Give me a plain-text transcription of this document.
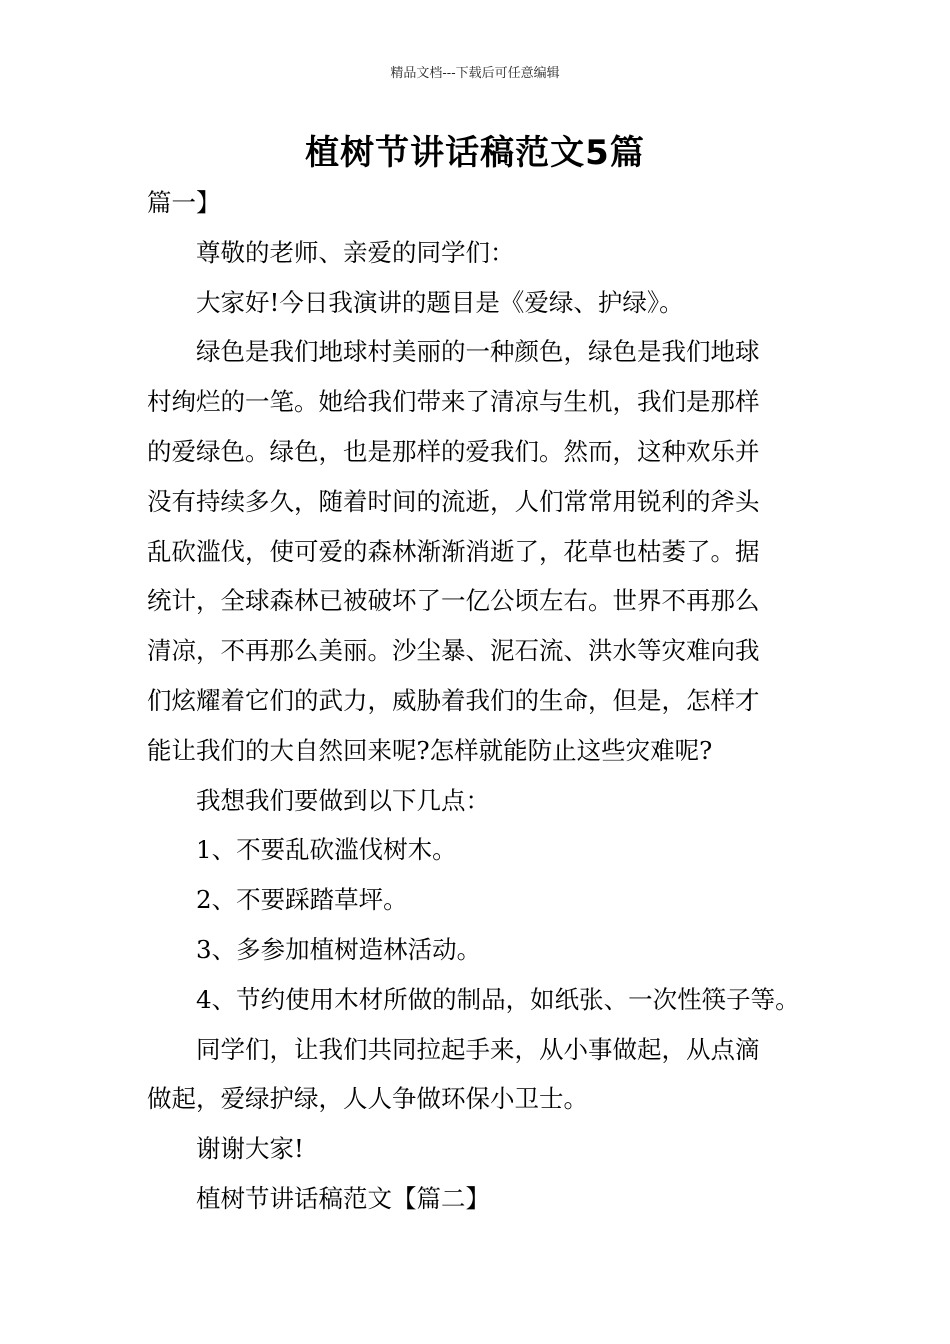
精品文档---下载后可任意编辑
植树节讲话稿范文5篇
篇一】
尊敬的老师、亲爱的同学们：
大家好!今日我演讲的题目是《爱绿、护绿》。
绿色是我们地球村美丽的一种颜色，绿色是我们地球
村绚烂的一笔。她给我们带来了清凉与生机，我们是那样
的爱绿色。绿色，也是那样的爱我们。然而，这种欢乐并
没有持续多久，随着时间的流逝，人们常常用锐利的斧头
乱砍滥伐，使可爱的森林渐渐消逝了，花草也枯萎了。据
统计，全球森林已被破坏了一亿公顷左右。世界不再那么
清凉，不再那么美丽。沙尘暴、泥石流、洪水等灾难向我
们炫耀着它们的武力，威胁着我们的生命，但是，怎样才
能让我们的大自然回来呢?怎样就能防止这些灾难呢?
我想我们要做到以下几点：
1、不要乱砍滥伐树木。
2、不要踩踏草坪。
3、多参加植树造林活动。
4、节约使用木材所做的制品，如纸张、一次性筷子等。
同学们，让我们共同拉起手来，从小事做起，从点滴
做起，爱绿护绿，人人争做环保小卫士。
谢谢大家!
植树节讲话稿范文【篇二】
